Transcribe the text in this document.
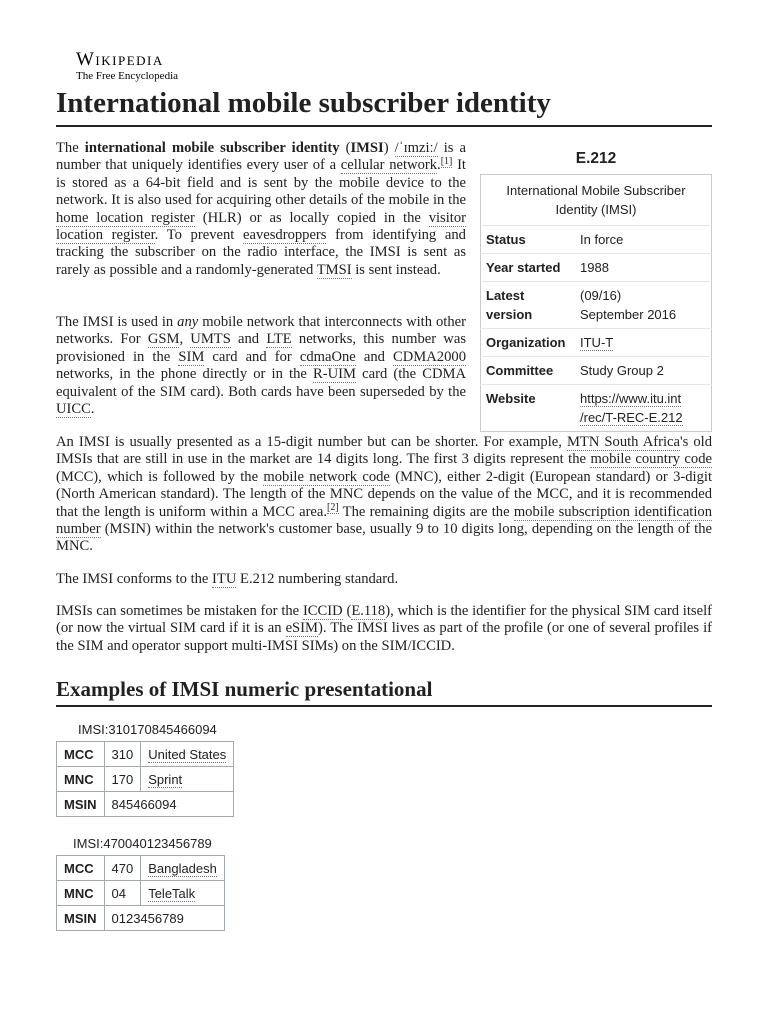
Wikipedia
The Free Encyclopedia
International mobile subscriber identity

The international mobile subscriber identity (IMSI) /ˈɪmziː/ is a number that uniquely identifies every user of a cellular network.[1] It is stored as a 64-bit field and is sent by the mobile device to the network. It is also used for acquiring other details of the mobile in the home location register (HLR) or as locally copied in the visitor location register. To prevent eavesdroppers from identifying and tracking the subscriber on the radio interface, the IMSI is sent as rarely as possible and a randomly-generated TMSI is sent instead.

The IMSI is used in any mobile network that interconnects with other networks. For GSM, UMTS and LTE networks, this number was provisioned in the SIM card and for cdmaOne and CDMA2000 networks, in the phone directly or in the R-UIM card (the CDMA equivalent of the SIM card). Both cards have been superseded by the UICC.

E.212
International Mobile Subscriber Identity (IMSI)	
Status	In force
Year started	1988
Latest version	(09/16)
September 2016
Organization	ITU-T
Committee	Study Group 2
Website	https://www.itu.int
/rec/T-REC-E.212

An IMSI is usually presented as a 15-digit number but can be shorter. For example, MTN South Africa's old IMSIs that are still in use in the market are 14 digits long. The first 3 digits represent the mobile country code (MCC), which is followed by the mobile network code (MNC), either 2-digit (European standard) or 3-digit (North American standard). The length of the MNC depends on the value of the MCC, and it is recommended that the length is uniform within a MCC area.[2] The remaining digits are the mobile subscription identification number (MSIN) within the network's customer base, usually 9 to 10 digits long, depending on the length of the MNC.

The IMSI conforms to the ITU E.212 numbering standard.

IMSIs can sometimes be mistaken for the ICCID (E.118), which is the identifier for the physical SIM card itself (or now the virtual SIM card if it is an eSIM). The IMSI lives as part of the profile (or one of several profiles if the SIM and operator support multi-IMSI SIMs) on the SIM/ICCID.

Examples of IMSI numeric presentational
IMSI:310170845466094
MCC	310	United States
MNC	170	Sprint
MSIN	845466094	
IMSI:470040123456789
MCC	470	Bangladesh
MNC	04	TeleTalk
MSIN	0123456789	
